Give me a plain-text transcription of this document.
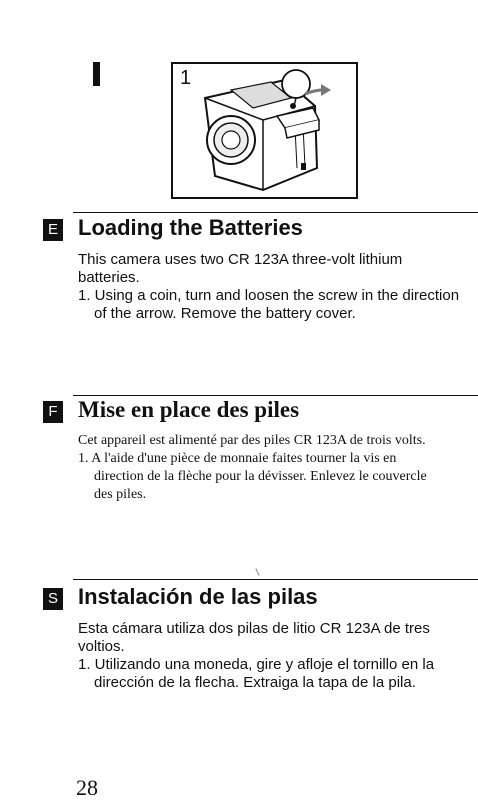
1
E Loading the Batteries
This camera uses two CR 123A three-volt lithium
batteries.
1. Using a coin, turn and loosen the screw in the direction
of the arrow. Remove the battery cover.
F Mise en place des piles
Cet appareil est alimenté par des piles CR 123A de trois volts.
1. A l'aide d'une pièce de monnaie faites tourner la vis en
direction de la flèche pour la dévisser. Enlevez le couvercle
des piles.
S Instalación de las pilas
Esta cámara utiliza dos pilas de litio CR 123A de tres
voltios.
1. Utilizando una moneda, gire y afloje el tornillo en la
dirección de la flecha. Extraiga la tapa de la pila.
28
